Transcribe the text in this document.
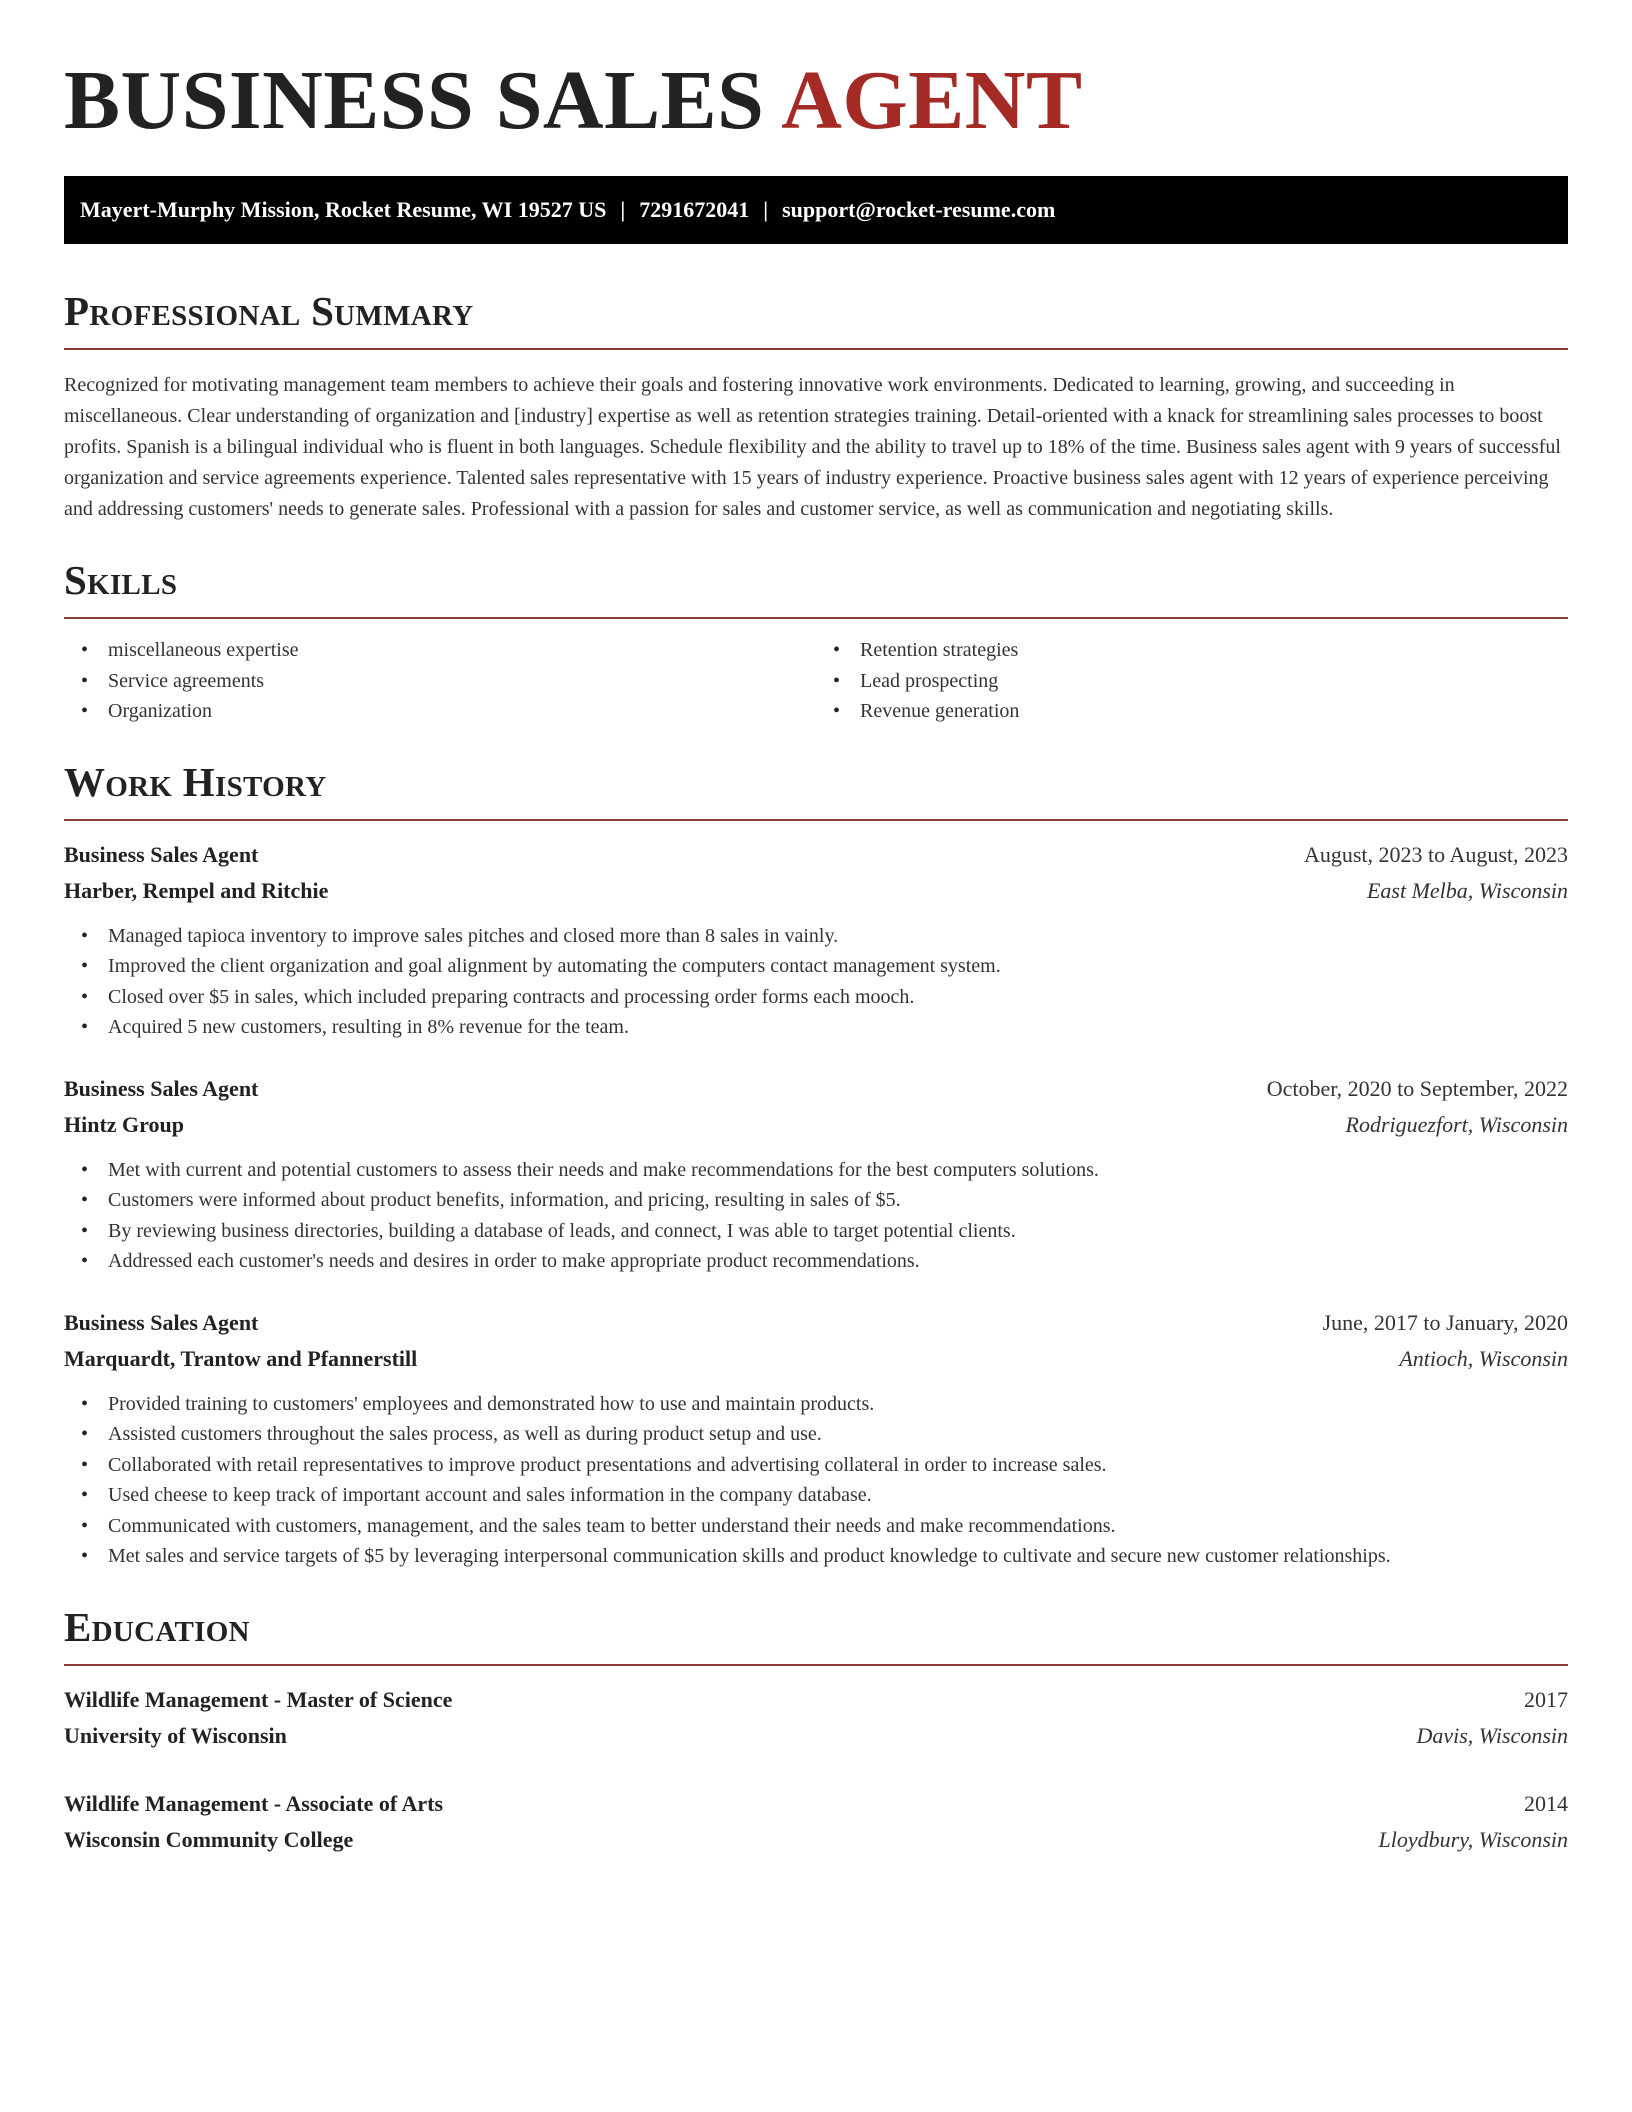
BUSINESS SALES AGENT
Mayert-Murphy Mission, Rocket Resume, WI 19527 US | 7291672041 | support@rocket-resume.com
Professional Summary
Recognized for motivating management team members to achieve their goals and fostering innovative work environments. Dedicated to learning, growing, and succeeding in miscellaneous. Clear understanding of organization and [industry] expertise as well as retention strategies training. Detail-oriented with a knack for streamlining sales processes to boost profits. Spanish is a bilingual individual who is fluent in both languages. Schedule flexibility and the ability to travel up to 18% of the time. Business sales agent with 9 years of successful organization and service agreements experience. Talented sales representative with 15 years of industry experience. Proactive business sales agent with 12 years of experience perceiving and addressing customers' needs to generate sales. Professional with a passion for sales and customer service, as well as communication and negotiating skills.
Skills
• miscellaneous expertise
• Service agreements
• Organization
• Retention strategies
• Lead prospecting
• Revenue generation
Work History
Business Sales Agent	August, 2023 to August, 2023
Harber, Rempel and Ritchie	East Melba, Wisconsin
• Managed tapioca inventory to improve sales pitches and closed more than 8 sales in vainly.
• Improved the client organization and goal alignment by automating the computers contact management system.
• Closed over $5 in sales, which included preparing contracts and processing order forms each mooch.
• Acquired 5 new customers, resulting in 8% revenue for the team.
Business Sales Agent	October, 2020 to September, 2022
Hintz Group	Rodriguezfort, Wisconsin
• Met with current and potential customers to assess their needs and make recommendations for the best computers solutions.
• Customers were informed about product benefits, information, and pricing, resulting in sales of $5.
• By reviewing business directories, building a database of leads, and connect, I was able to target potential clients.
• Addressed each customer's needs and desires in order to make appropriate product recommendations.
Business Sales Agent	June, 2017 to January, 2020
Marquardt, Trantow and Pfannerstill	Antioch, Wisconsin
• Provided training to customers' employees and demonstrated how to use and maintain products.
• Assisted customers throughout the sales process, as well as during product setup and use.
• Collaborated with retail representatives to improve product presentations and advertising collateral in order to increase sales.
• Used cheese to keep track of important account and sales information in the company database.
• Communicated with customers, management, and the sales team to better understand their needs and make recommendations.
• Met sales and service targets of $5 by leveraging interpersonal communication skills and product knowledge to cultivate and secure new customer relationships.
Education
Wildlife Management - Master of Science	2017
University of Wisconsin	Davis, Wisconsin
Wildlife Management - Associate of Arts	2014
Wisconsin Community College	Lloydbury, Wisconsin
